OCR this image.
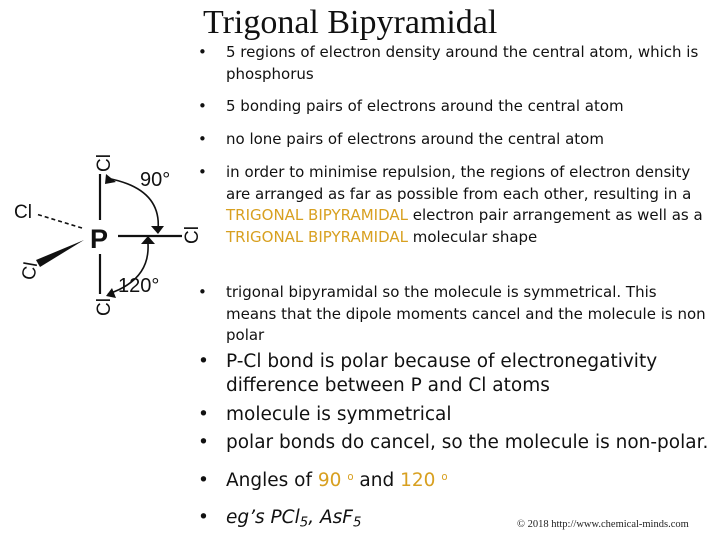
Trigonal Bipyramidal
P
Cl
Cl
Cl
Cl
Cl
90°
120°
•	5 regions of electron density around the central atom, which is phosphorus
•	5 bonding pairs of electrons around the central atom
•	no lone pairs of electrons around the central atom
•	in order to minimise repulsion, the regions of electron density are arranged as far as possible from each other, resulting in a TRIGONAL BIPYRAMIDAL electron pair arrangement as well as a TRIGONAL BIPYRAMIDAL molecular shape
•	trigonal bipyramidal so the molecule is symmetrical. This means that the dipole moments cancel and the molecule is non polar
• P-Cl bond is polar because of electronegativity difference between P and Cl atoms
• molecule is symmetrical
• polar bonds do cancel, so the molecule is non-polar.
• Angles of 90 $^o$ and 120 $^o$
• eg’s PCl$_5$, AsF$_5$	© 2018 http://www.chemical-minds.com
